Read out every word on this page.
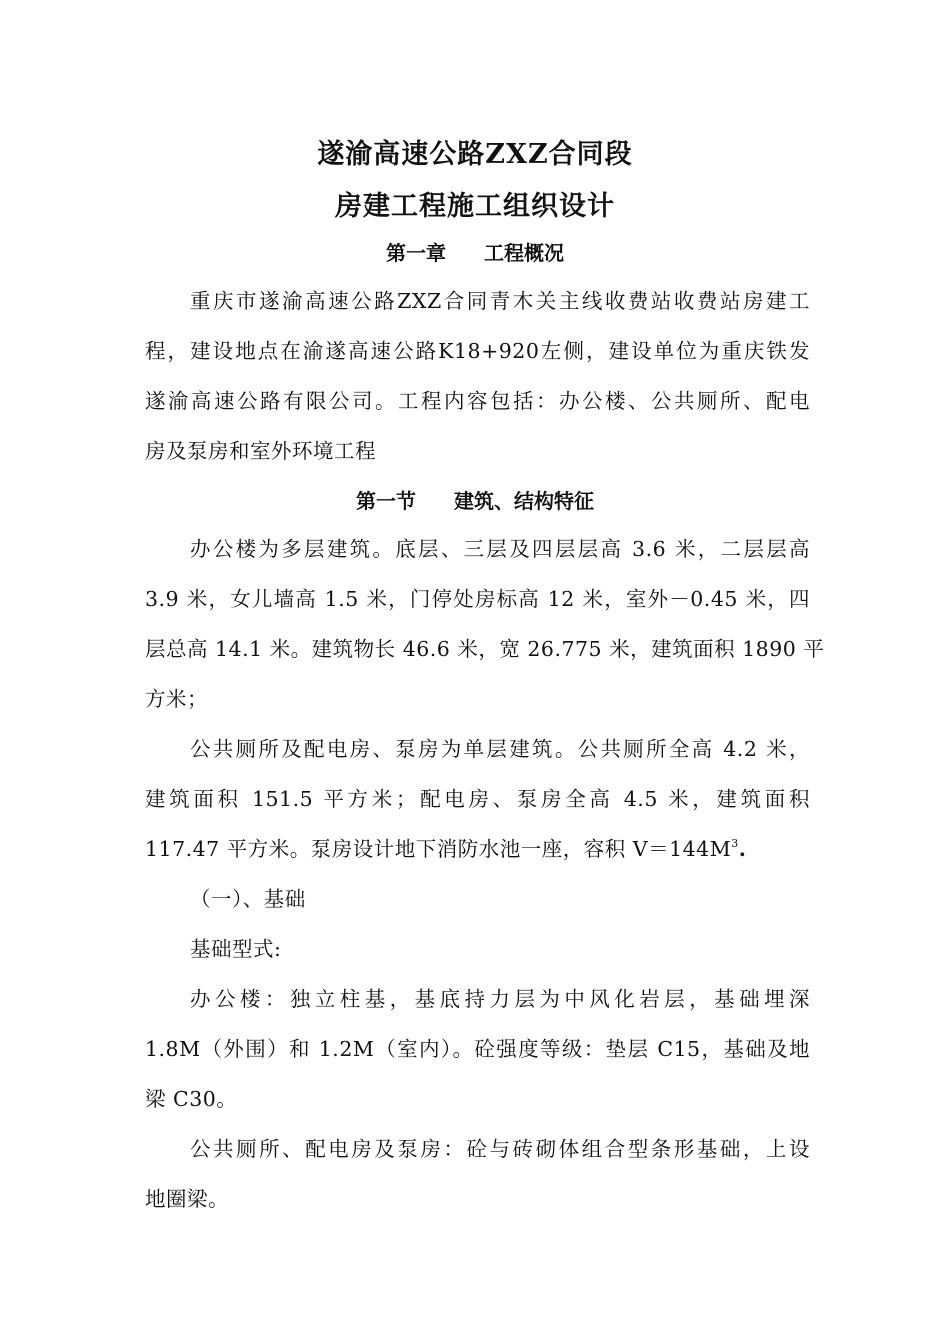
遂渝高速公路ZXZ合同段
房建工程施工组织设计
第一章 工程概况
重庆市遂渝高速公路ZXZ合同青木关主线收费站收费站房建工
程，建设地点在渝遂高速公路K18+920左侧，建设单位为重庆铁发
遂渝高速公路有限公司。工程内容包括：办公楼、公共厕所、配电
房及泵房和室外环境工程
第一节 建筑、结构特征
办公楼为多层建筑。底层、三层及四层层高 3.6 米，二层层高
3.9 米，女儿墙高 1.5 米，门停处房标高 12 米，室外－0.45 米，四
层总高 14.1 米。建筑物长 46.6 米，宽 26.775 米，建筑面积 1890 平
方米；
公共厕所及配电房、泵房为单层建筑。公共厕所全高 4.2 米，
建筑面积 151.5 平方米；配电房、泵房全高 4.5 米，建筑面积
117.47 平方米。泵房设计地下消防水池一座，容积 $V=144M^3$.
（一）、基础
基础型式:
办公楼：独立柱基，基底持力层为中风化岩层，基础埋深
1.8M（外围）和 1.2M（室内）。砼强度等级：垫层 C15，基础及地
梁 C30。
公共厕所、配电房及泵房：砼与砖砌体组合型条形基础，上设
地圈梁。
